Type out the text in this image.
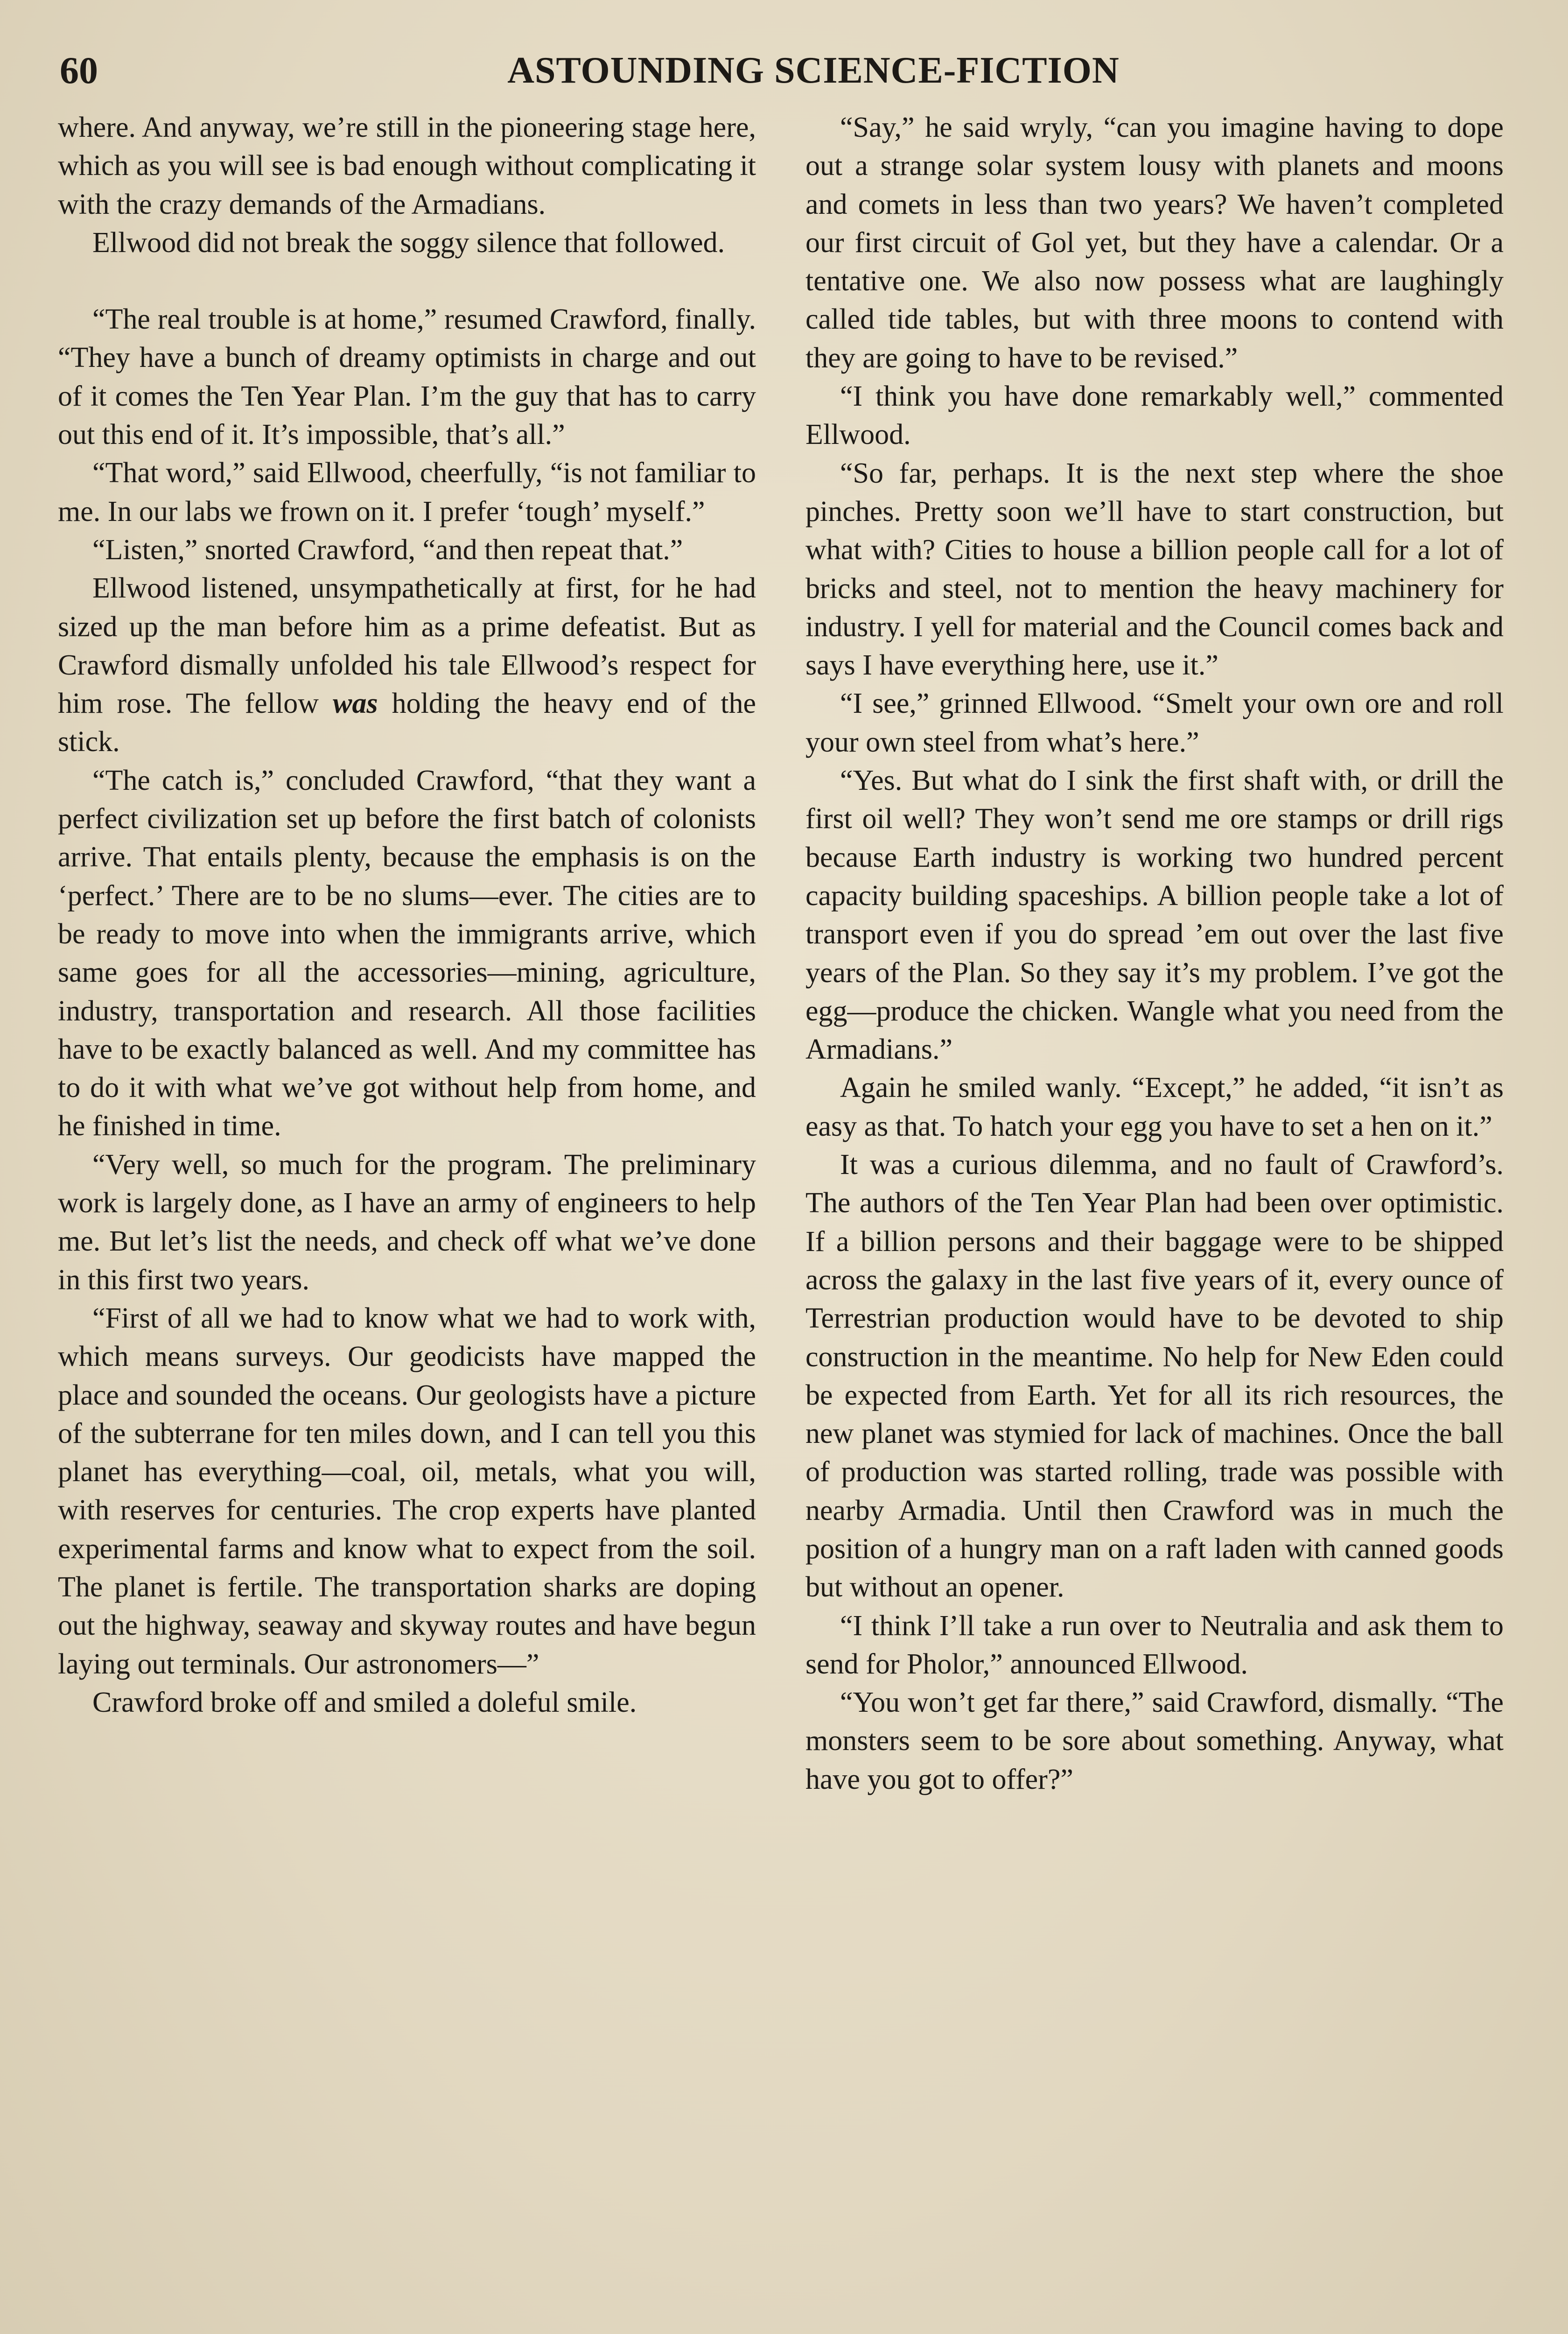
60	ASTOUNDING SCIENCE-FICTION

where. And anyway, we’re still in the pioneering stage here, which as you will see is bad enough without complicating it with the crazy demands of the Armadians.

Ellwood did not break the soggy silence that followed.

“The real trouble is at home,” resumed Crawford, finally. “They have a bunch of dreamy optimists in charge and out of it comes the Ten Year Plan. I’m the guy that has to carry out this end of it. It’s impossible, that’s all.”

“That word,” said Ellwood, cheerfully, “is not familiar to me. In our labs we frown on it. I prefer ‘tough’ myself.”

“Listen,” snorted Crawford, “and then repeat that.”

Ellwood listened, unsympathetically at first, for he had sized up the man before him as a prime defeatist. But as Crawford dismally unfolded his tale Ellwood’s respect for him rose. The fellow was holding the heavy end of the stick.

“The catch is,” concluded Crawford, “that they want a perfect civilization set up before the first batch of colonists arrive. That entails plenty, because the emphasis is on the ‘perfect.’ There are to be no slums—ever. The cities are to be ready to move into when the immigrants arrive, which same goes for all the accessories—mining, agriculture, industry, transportation and research. All those facilities have to be exactly balanced as well. And my committee has to do it with what we’ve got without help from home, and he finished in time.

“Very well, so much for the program. The preliminary work is largely done, as I have an army of engineers to help me. But let’s list the needs, and check off what we’ve done in this first two years.

“First of all we had to know what we had to work with, which means surveys. Our geodicists have mapped the place and sounded the oceans. Our geologists have a picture of the subterrane for ten miles down, and I can tell you this planet has everything—coal, oil, metals, what you will, with reserves for centuries. The crop experts have planted experimental farms and know what to expect from the soil. The planet is fertile. The transportation sharks are doping out the highway, seaway and skyway routes and have begun laying out terminals. Our astronomers—”

Crawford broke off and smiled a doleful smile.

“Say,” he said wryly, “can you imagine having to dope out a strange solar system lousy with planets and moons and comets in less than two years? We haven’t completed our first circuit of Gol yet, but they have a calendar. Or a tentative one. We also now possess what are laughingly called tide tables, but with three moons to contend with they are going to have to be revised.”

“I think you have done remarkably well,” commented Ellwood.

“So far, perhaps. It is the next step where the shoe pinches. Pretty soon we’ll have to start construction, but what with? Cities to house a billion people call for a lot of bricks and steel, not to mention the heavy machinery for industry. I yell for material and the Council comes back and says I have everything here, use it.”

“I see,” grinned Ellwood. “Smelt your own ore and roll your own steel from what’s here.”

“Yes. But what do I sink the first shaft with, or drill the first oil well? They won’t send me ore stamps or drill rigs because Earth industry is working two hundred percent capacity building spaceships. A billion people take a lot of transport even if you do spread ’em out over the last five years of the Plan. So they say it’s my problem. I’ve got the egg—produce the chicken. Wangle what you need from the Armadians.”

Again he smiled wanly. “Except,” he added, “it isn’t as easy as that. To hatch your egg you have to set a hen on it.”

It was a curious dilemma, and no fault of Crawford’s. The authors of the Ten Year Plan had been over optimistic. If a billion persons and their baggage were to be shipped across the galaxy in the last five years of it, every ounce of Terrestrian production would have to be devoted to ship construction in the meantime. No help for New Eden could be expected from Earth. Yet for all its rich resources, the new planet was stymied for lack of machines. Once the ball of production was started rolling, trade was possible with nearby Armadia. Until then Crawford was in much the position of a hungry man on a raft laden with canned goods but without an opener.

“I think I’ll take a run over to Neutralia and ask them to send for Pholor,” announced Ellwood.

“You won’t get far there,” said Crawford, dismally. “The monsters seem to be sore about something. Anyway, what have you got to offer?”
